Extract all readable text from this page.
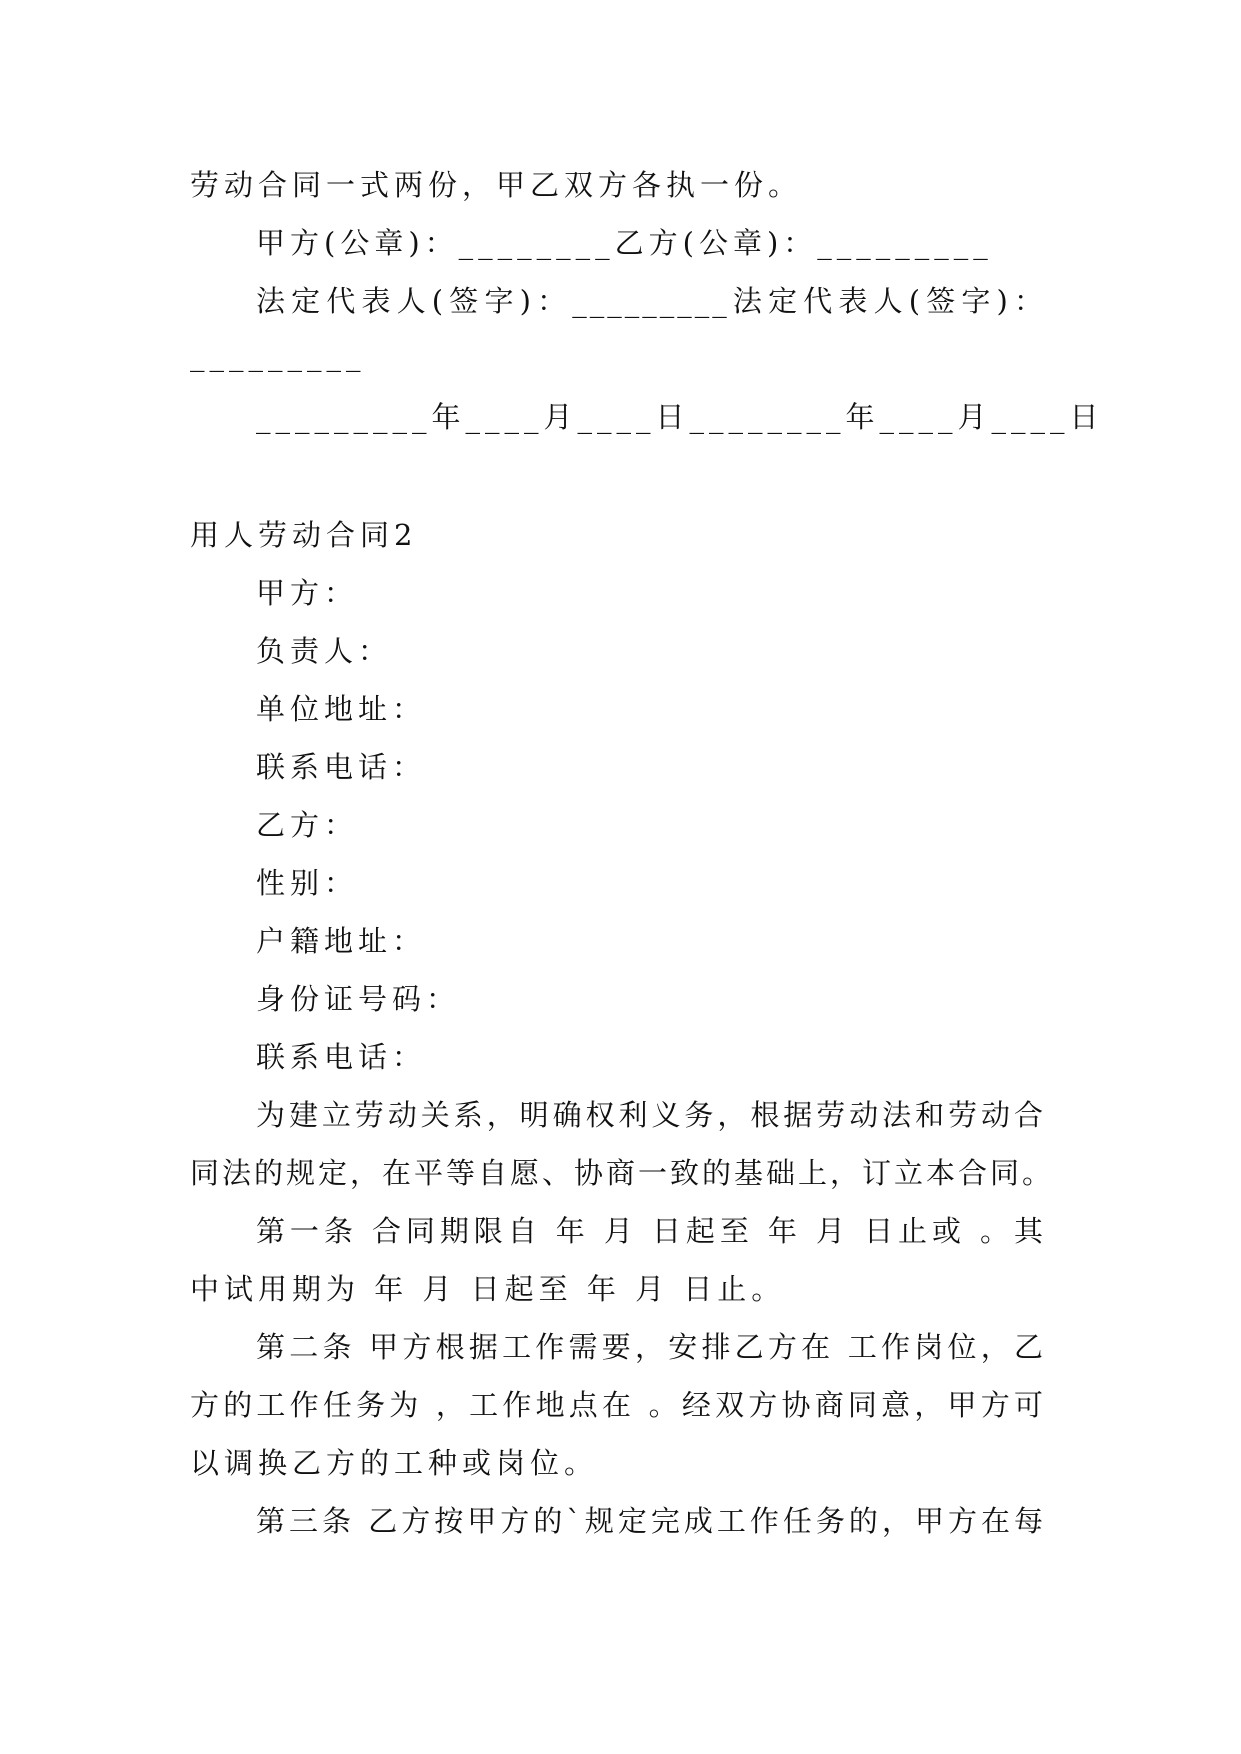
劳动合同一式两份，甲乙双方各执一份。
甲方(公章)：________乙方(公章)：_________
法定代表人(签字)：_________法定代表人(签字)：
_________
_________年____月____日________年____月____日
用人劳动合同2
甲方：
负责人：
单位地址：
联系电话：
乙方：
性别：
户籍地址：
身份证号码：
联系电话：
为建立劳动关系，明确权利义务，根据劳动法和劳动合
同法的规定，在平等自愿、协商一致的基础上，订立本合同。
第一条 合同期限自 年 月 日起至 年 月 日止或 。其
中试用期为 年 月 日起至 年 月 日止。
第二条 甲方根据工作需要，安排乙方在 工作岗位，乙
方的工作任务为 ，工作地点在 。经双方协商同意，甲方可
以调换乙方的工种或岗位。
第三条 乙方按甲方的`规定完成工作任务的，甲方在每
